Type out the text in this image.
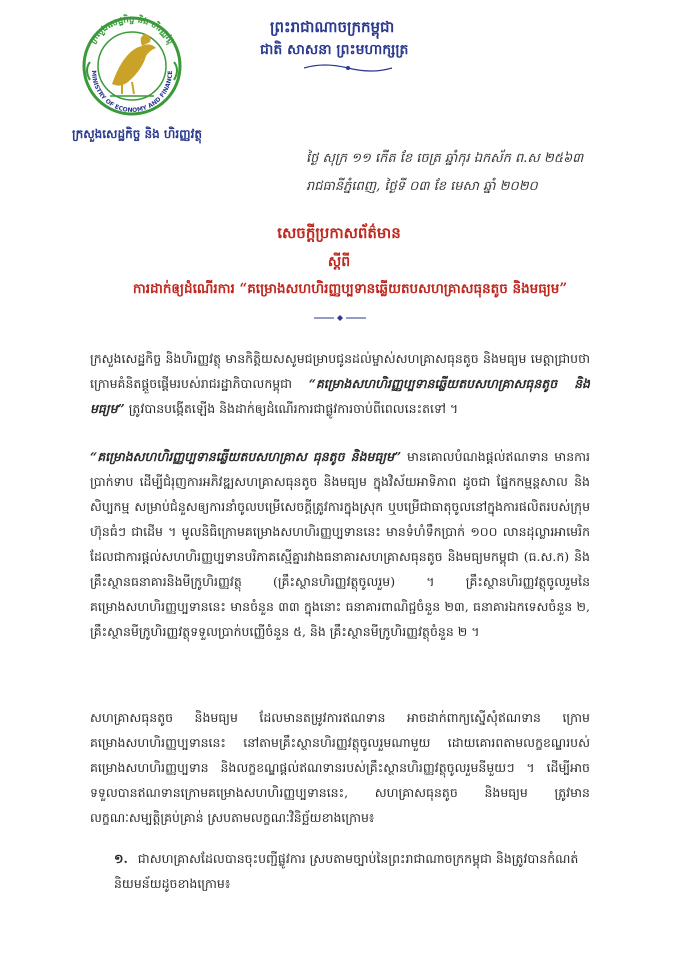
ក្រសួងសេដ្ឋកិច្ច និង ហិរញ្ញវត្ថុ
MINISTRY OF ECONOMY AND FINANCE
ក្រសួងសេដ្ឋកិច្ច និង ហិរញ្ញវត្ថុ
ព្រះរាជាណាចក្រកម្ពុជា
ជាតិ សាសនា ព្រះមហាក្សត្រ
ថ្ងៃ សុក្រ ១១ កើត ខែ ចេត្រ ឆ្នាំកុរ ឯកស័ក ព.ស ២៥៦៣
រាជធានីភ្នំពេញ, ថ្ងៃទី ០៣ ខែ មេសា ឆ្នាំ ២០២០
សេចក្តីប្រកាសព័ត៌មាន
ស្តីពី
ការដាក់ឲ្យដំណើរការ “គម្រោងសហហិរញ្ញប្បទានឆ្លើយតបសហគ្រាសធុនតូច និងមធ្យម”

ក្រសួងសេដ្ឋកិច្ច និងហិរញ្ញវត្ថុ មានកិត្តិយសសូមជម្រាបជូនដល់ម្ចាស់សហគ្រាសធុនតូច និងមធ្យម មេត្តាជ្រាបថា ក្រោមគំនិតផ្តួចផ្តើមរបស់រាជរដ្ឋាភិបាលកម្ពុជា “គម្រោងសហហិរញ្ញប្បទានឆ្លើយតបសហគ្រាសធុនតូច និងមធ្យម” ត្រូវបានបង្កើតឡើង និងដាក់ឲ្យដំណើរការជាផ្លូវការចាប់ពីពេលនេះតទៅ ។

“គម្រោងសហហិរញ្ញប្បទានឆ្លើយតបសហគ្រាស ធុនតូច និងមធ្យម” មានគោលបំណងផ្តល់ឥណទាន មានការប្រាក់ទាប ដើម្បីជំរុញការអភិវឌ្ឍសហគ្រាសធុនតូច និងមធ្យម ក្នុងវិស័យអាទិភាព ដូចជា ផ្នែកកម្មន្តសាល និងសិប្បកម្ម សម្រាប់ជំនួសឲ្យការនាំចូលបម្រើសេចក្តីត្រូវការក្នុងស្រុក ឬបម្រើជាធាតុចូលនៅក្នុងការផលិតរបស់ក្រុមហ៊ុនធំៗ ជាដើម ។ មូលនិធិក្រោមគម្រោងសហហិរញ្ញប្បទាននេះ មានទំហំទឹកប្រាក់ ១០០ លានដុល្លារអាមេរិក ដែលជាការផ្តល់សហហិរញ្ញប្បទានបរិភាគស្មើគ្នារវាងធនាគារសហគ្រាសធុនតូច និងមធ្យមកម្ពុជា (ធ.ស.ក) និងគ្រឹះស្ថានធនាគារនិងមីក្រូហិរញ្ញវត្ថុ (គ្រឹះស្ថានហិរញ្ញវត្ថុចូលរួម) ។ គ្រឹះស្ថានហិរញ្ញវត្ថុចូលរួមនៃគម្រោងសហហិរញ្ញប្បទាននេះ មានចំនួន ៣៣ ក្នុងនោះ ធនាគារពាណិជ្ជចំនួន ២៣, ធនាគារឯកទេសចំនួន ២, គ្រឹះស្ថានមីក្រូហិរញ្ញវត្ថុទទួលប្រាក់បញ្ញើចំនួន ៥, និង គ្រឹះស្ថានមីក្រូហិរញ្ញវត្ថុចំនួន ២ ។

សហគ្រាសធុនតូច និងមធ្យម ដែលមានតម្រូវការឥណទាន អាចដាក់ពាក្យស្នើសុំឥណទាន ក្រោមគម្រោងសហហិរញ្ញប្បទាននេះ នៅតាមគ្រឹះស្ថានហិរញ្ញវត្ថុចូលរួមណាមួយ ដោយគោរពតាមលក្ខខណ្ឌរបស់គម្រោងសហហិរញ្ញប្បទាន និងលក្ខខណ្ឌផ្តល់ឥណទានរបស់គ្រឹះស្ថានហិរញ្ញវត្ថុចូលរួមនីមួយៗ ។ ដើម្បីអាចទទួលបានឥណទានក្រោមគម្រោងសហហិរញ្ញប្បទាននេះ, សហគ្រាសធុនតូច និងមធ្យម ត្រូវមានលក្ខណៈសម្បត្តិគ្រប់គ្រាន់ ស្របតាមលក្ខណៈវិនិច្ឆ័យខាងក្រោម៖

១. ជាសហគ្រាសដែលបានចុះបញ្ជីផ្លូវការ ស្របតាមច្បាប់នៃព្រះរាជាណាចក្រកម្ពុជា និងត្រូវបានកំណត់និយមន័យដូចខាងក្រោម៖
